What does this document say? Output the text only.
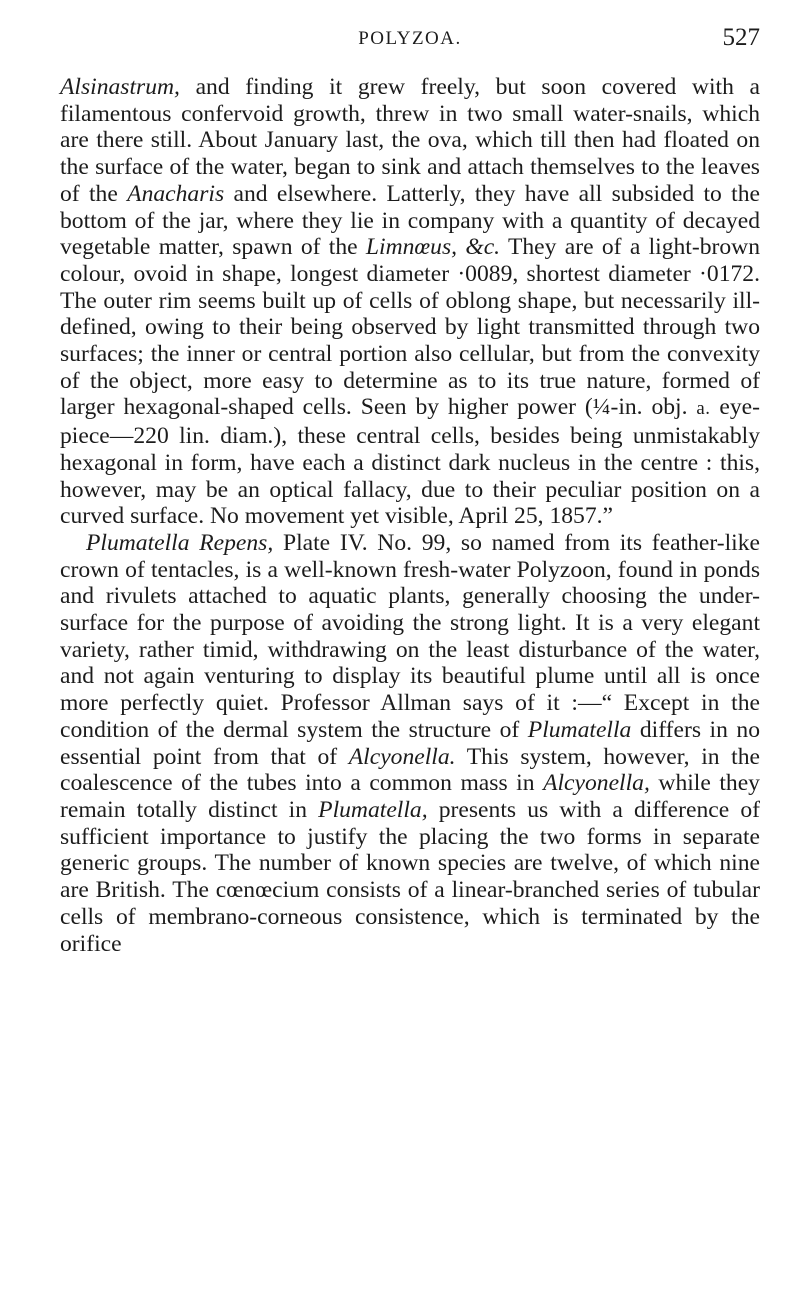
POLYZOA.	527

Alsinastrum, and finding it grew freely, but soon covered with a filamentous confervoid growth, threw in two small water-snails, which are there still. About January last, the ova, which till then had floated on the surface of the water, began to sink and attach themselves to the leaves of the Anacharis and elsewhere. Latterly, they have all subsided to the bottom of the jar, where they lie in company with a quantity of decayed vegetable matter, spawn of the Limnœus, &c. They are of a light-brown colour, ovoid in shape, longest diameter ·0089, shortest diameter ·0172. The outer rim seems built up of cells of oblong shape, but necessarily ill-defined, owing to their being observed by light transmitted through two surfaces; the inner or central portion also cellular, but from the convexity of the object, more easy to determine as to its true nature, formed of larger hexagonal-shaped cells. Seen by higher power (¼-in. obj. a. eye-piece—220 lin. diam.), these central cells, besides being unmistakably hexagonal in form, have each a distinct dark nucleus in the centre : this, however, may be an optical fallacy, due to their peculiar position on a curved surface. No movement yet visible, April 25, 1857.”

Plumatella Repens, Plate IV. No. 99, so named from its feather-like crown of tentacles, is a well-known fresh-water Polyzoon, found in ponds and rivulets attached to aquatic plants, generally choosing the under-surface for the purpose of avoiding the strong light. It is a very elegant variety, rather timid, withdrawing on the least disturbance of the water, and not again venturing to display its beautiful plume until all is once more perfectly quiet. Professor Allman says of it :—“ Except in the condition of the dermal system the structure of Plumatella differs in no essential point from that of Alcyonella. This system, however, in the coalescence of the tubes into a common mass in Alcyonella, while they remain totally distinct in Plumatella, presents us with a difference of sufficient importance to justify the placing the two forms in separate generic groups. The number of known species are twelve, of which nine are British. The cœnœcium consists of a linear-branched series of tubular cells of membrano-corneous consistence, which is terminated by the orifice
